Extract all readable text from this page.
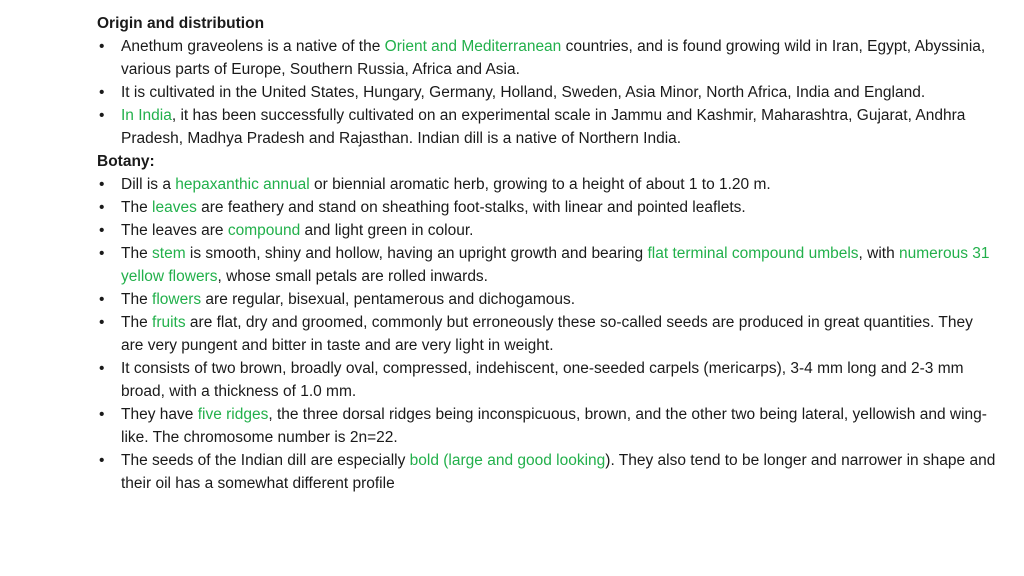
Origin and distribution
• Anethum graveolens is a native of the Orient and Mediterranean countries, and is found growing wild in Iran, Egypt, Abyssinia, various parts of Europe, Southern Russia, Africa and Asia.
• It is cultivated in the United States, Hungary, Germany, Holland, Sweden, Asia Minor, North Africa, India and England.
• In India, it has been successfully cultivated on an experimental scale in Jammu and Kashmir, Maharashtra, Gujarat, Andhra Pradesh, Madhya Pradesh and Rajasthan. Indian dill is a native of Northern India.
Botany:
• Dill is a hepaxanthic annual or biennial aromatic herb, growing to a height of about 1 to 1.20 m.
• The leaves are feathery and stand on sheathing foot-stalks, with linear and pointed leaflets.
• The leaves are compound and light green in colour.
• The stem is smooth, shiny and hollow, having an upright growth and bearing flat terminal compound umbels, with numerous 31 yellow flowers, whose small petals are rolled inwards.
• The flowers are regular, bisexual, pentamerous and dichogamous.
• The fruits are flat, dry and groomed, commonly but erroneously these so-called seeds are produced in great quantities. They are very pungent and bitter in taste and are very light in weight.
• It consists of two brown, broadly oval, compressed, indehiscent, one-seeded carpels (mericarps), 3-4 mm long and 2-3 mm broad, with a thickness of 1.0 mm.
• They have five ridges, the three dorsal ridges being inconspicuous, brown, and the other two being lateral, yellowish and wing-like. The chromosome number is 2n=22.
• The seeds of the Indian dill are especially bold (large and good looking). They also tend to be longer and narrower in shape and their oil has a somewhat different profile
